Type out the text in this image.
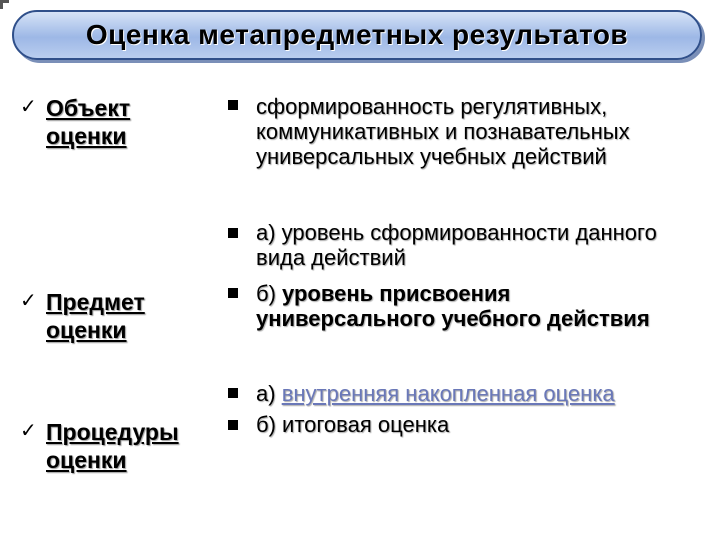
Оценка метапредметных результатов
✓ Объект
оценки
✓ Предмет
оценки
✓ Процедуры
оценки
сформированность регулятивных, коммуникативных и познавательных универсальных учебных действий
а) уровень сформированности данного вида действий
б) уровень присвоения универсального учебного действия
а) внутренняя накопленная оценка
б) итоговая оценка
